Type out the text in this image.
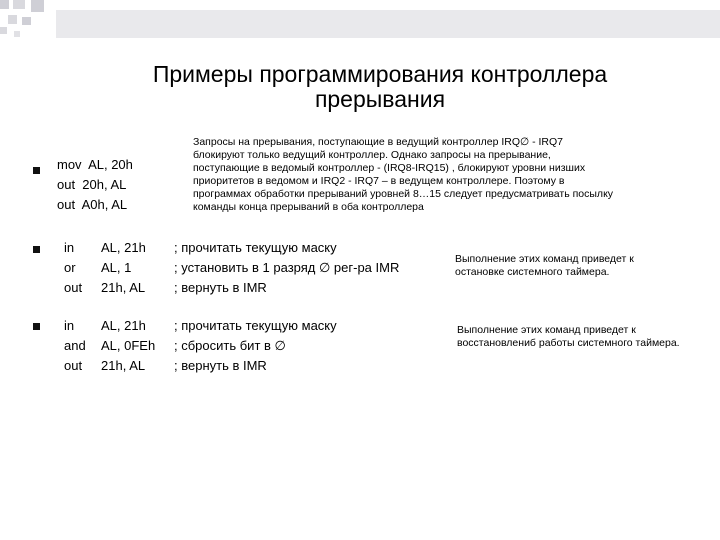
Примеры программирования контроллера
прерывания
mov  AL, 20h
out  20h, AL
out  A0h, AL
Запросы на прерывания, поступающие в ведущий контроллер IRQ∅ - IRQ7
блокируют только ведущий контроллер. Однако запросы на прерывание,
поступающие в ведомый контроллер - (IRQ8-IRQ15) , блокируют уровни низших
приоритетов в ведомом и IRQ2 - IRQ7 – в ведущем контроллере. Поэтому в
программах обработки прерываний уровней 8…15 следует предусматривать посылку
команды конца прерываний в оба контроллера
in
or
out
AL, 21h
AL, 1
21h, AL
; прочитать текущую маску
; установить в 1 разряд ∅ рег-ра IMR
; вернуть в IMR
Выполнение этих команд приведет к
остановке системного таймера.
in
and
out
AL, 21h
AL, 0FEh
21h, AL
; прочитать текущую маску
; сбросить бит в ∅
; вернуть в IMR
Выполнение этих команд приведет к
восстановлениб работы системного таймера.
